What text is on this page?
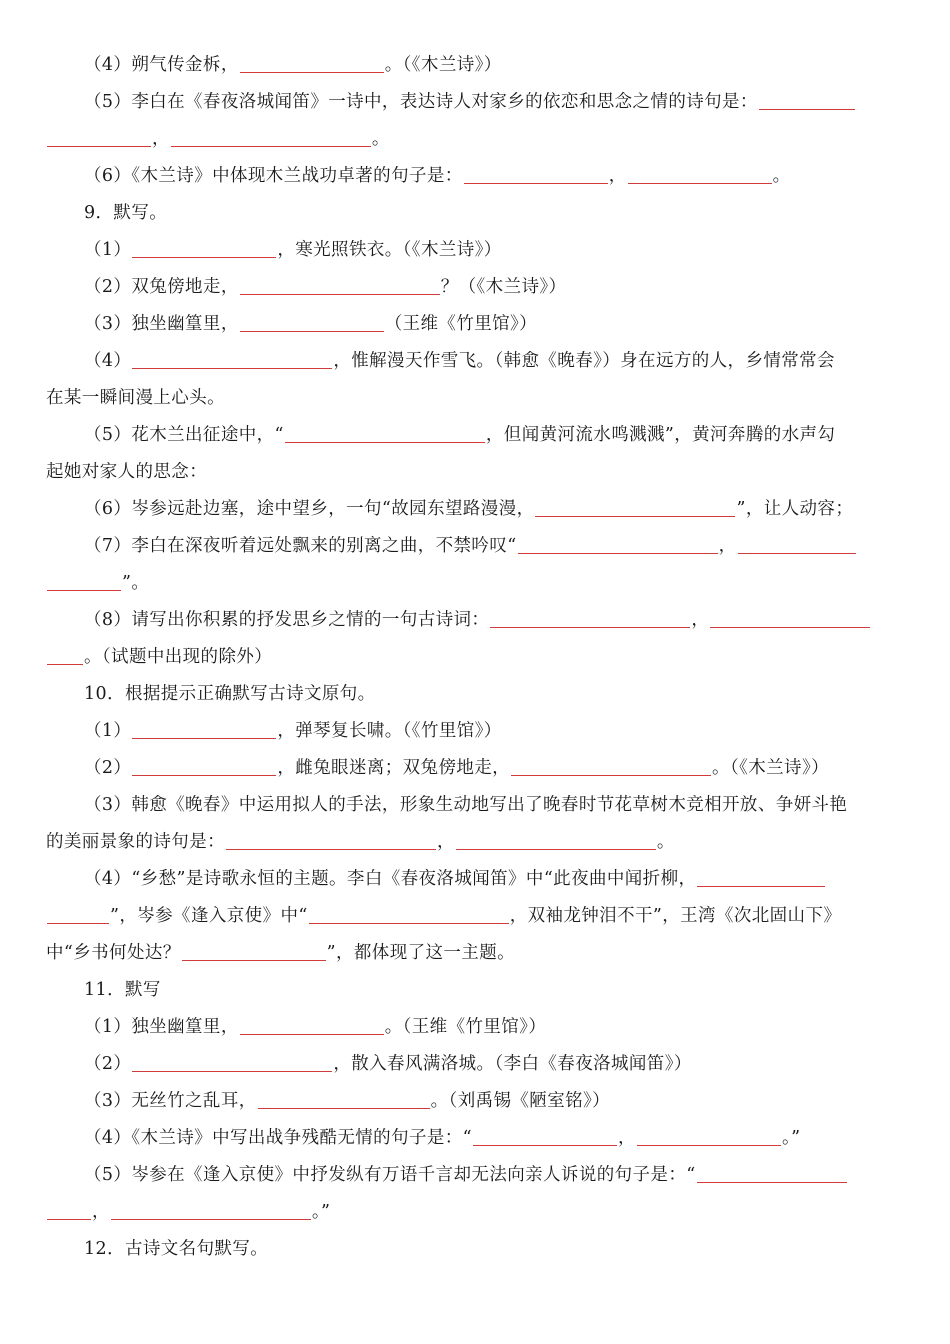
（4）朔气传金柝，	。（《木兰诗》）
（5）李白在《春夜洛城闻笛》一诗中，表达诗人对家乡的依恋和思念之情的诗句是：
，	。
（6）《木兰诗》中体现木兰战功卓著的句子是：	，	。
9．默写。
（1）	，寒光照铁衣。（《木兰诗》）
（2）双兔傍地走，	？（《木兰诗》）
（3）独坐幽篁里，	（王维《竹里馆》）
（4）	，惟解漫天作雪飞。（韩愈《晚春》）身在远方的人，乡情常常会
在某一瞬间漫上心头。
（5）花木兰出征途中，“	，但闻黄河流水鸣溅溅”，黄河奔腾的水声勾
起她对家人的思念：
（6）岑参远赴边塞，途中望乡，一句“故园东望路漫漫，	”，让人动容；
（7）李白在深夜听着远处飘来的别离之曲，不禁吟叹“	，
”。
（8）请写出你积累的抒发思乡之情的一句古诗词：	，
。（试题中出现的除外）
10．根据提示正确默写古诗文原句。
（1）	，弹琴复长啸。（《竹里馆》）
（2）	，雌兔眼迷离；双兔傍地走，	。（《木兰诗》）
（3）韩愈《晚春》中运用拟人的手法，形象生动地写出了晚春时节花草树木竞相开放、争妍斗艳
的美丽景象的诗句是：	，	。
（4）“乡愁”是诗歌永恒的主题。李白《春夜洛城闻笛》中“此夜曲中闻折柳，
”，岑参《逢入京使》中“	，双袖龙钟泪不干”，王湾《次北固山下》
中“乡书何处达？	”，都体现了这一主题。
11．默写
（1）独坐幽篁里，	。（王维《竹里馆》）
（2）	，散入春风满洛城。（李白《春夜洛城闻笛》）
（3）无丝竹之乱耳，	。（刘禹锡《陋室铭》）
（4）《木兰诗》中写出战争残酷无情的句子是：“	，	。”
（5）岑参在《逢入京使》中抒发纵有万语千言却无法向亲人诉说的句子是：“
，	。”
12．古诗文名句默写。
